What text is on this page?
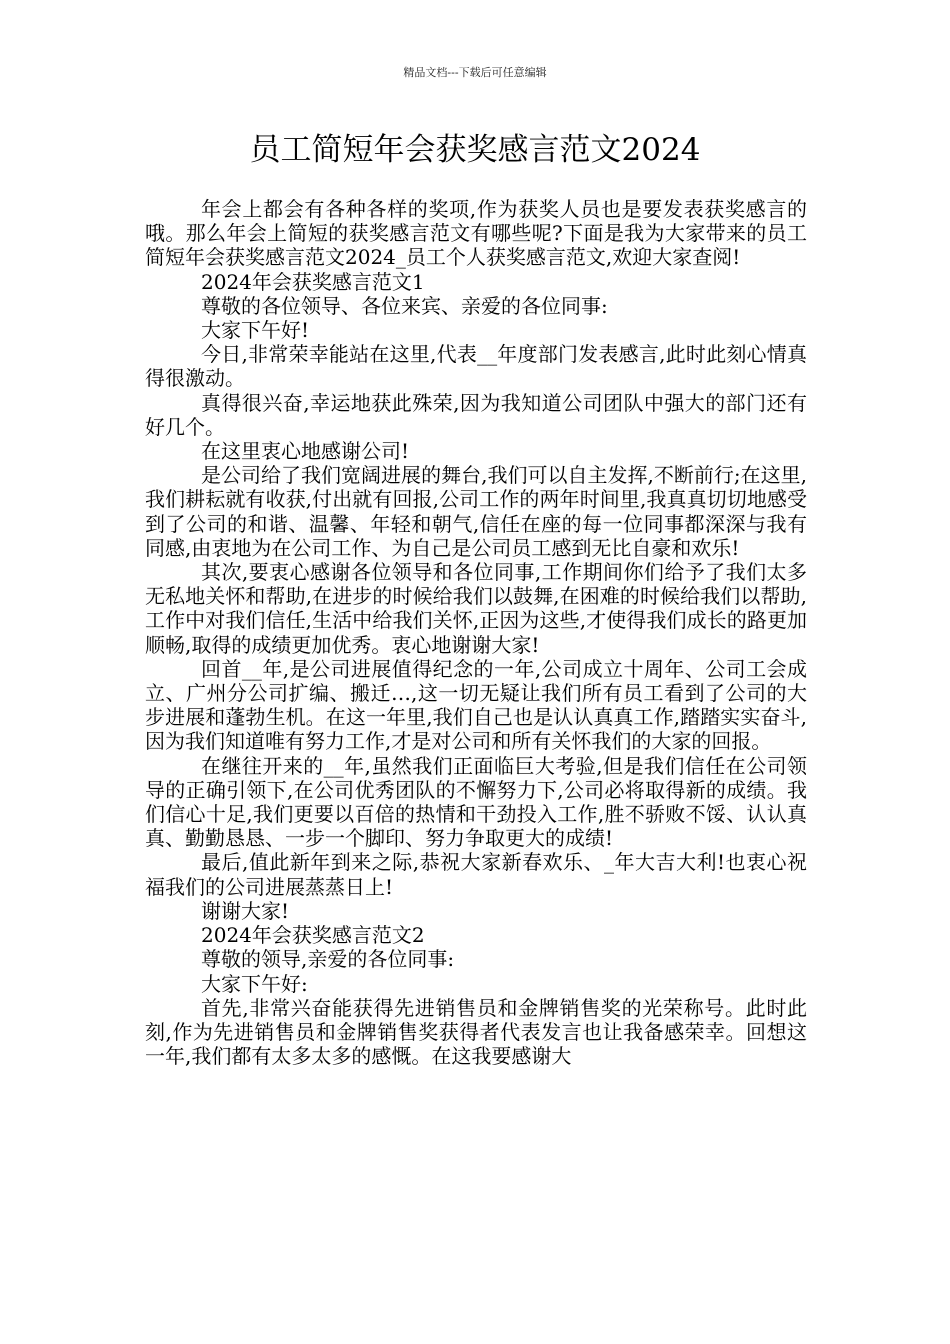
精品文档---下载后可任意编辑
员工简短年会获奖感言范文2024

年会上都会有各种各样的奖项,作为获奖人员也是要发表获奖感言的哦。那么年会上简短的获奖感言范文有哪些呢?下面是我为大家带来的员工简短年会获奖感言范文2024_员工个人获奖感言范文,欢迎大家查阅!

2024年会获奖感言范文1

尊敬的各位领导、各位来宾、亲爱的各位同事:

大家下午好!

今日,非常荣幸能站在这里,代表__年度部门发表感言,此时此刻心情真得很激动。

真得很兴奋,幸运地获此殊荣,因为我知道公司团队中强大的部门还有好几个。

在这里衷心地感谢公司!

是公司给了我们宽阔进展的舞台,我们可以自主发挥,不断前行;在这里,我们耕耘就有收获,付出就有回报,公司工作的两年时间里,我真真切切地感受到了公司的和谐、温馨、年轻和朝气,信任在座的每一位同事都深深与我有同感,由衷地为在公司工作、为自己是公司员工感到无比自豪和欢乐!

其次,要衷心感谢各位领导和各位同事,工作期间你们给予了我们太多无私地关怀和帮助,在进步的时候给我们以鼓舞,在困难的时候给我们以帮助,工作中对我们信任,生活中给我们关怀,正因为这些,才使得我们成长的路更加顺畅,取得的成绩更加优秀。衷心地谢谢大家!

回首__年,是公司进展值得纪念的一年,公司成立十周年、公司工会成立、广州分公司扩编、搬迁…,这一切无疑让我们所有员工看到了公司的大步进展和蓬勃生机。在这一年里,我们自己也是认认真真工作,踏踏实实奋斗,因为我们知道唯有努力工作,才是对公司和所有关怀我们的大家的回报。

在继往开来的__年,虽然我们正面临巨大考验,但是我们信任在公司领导的正确引领下,在公司优秀团队的不懈努力下,公司必将取得新的成绩。我们信心十足,我们更要以百倍的热情和干劲投入工作,胜不骄败不馁、认认真真、勤勤恳恳、一步一个脚印、努力争取更大的成绩!

最后,值此新年到来之际,恭祝大家新春欢乐、_年大吉大利!也衷心祝福我们的公司进展蒸蒸日上!

谢谢大家!

2024年会获奖感言范文2

尊敬的领导,亲爱的各位同事:

大家下午好:

首先,非常兴奋能获得先进销售员和金牌销售奖的光荣称号。此时此刻,作为先进销售员和金牌销售奖获得者代表发言也让我备感荣幸。回想这一年,我们都有太多太多的感慨。在这我要感谢大
